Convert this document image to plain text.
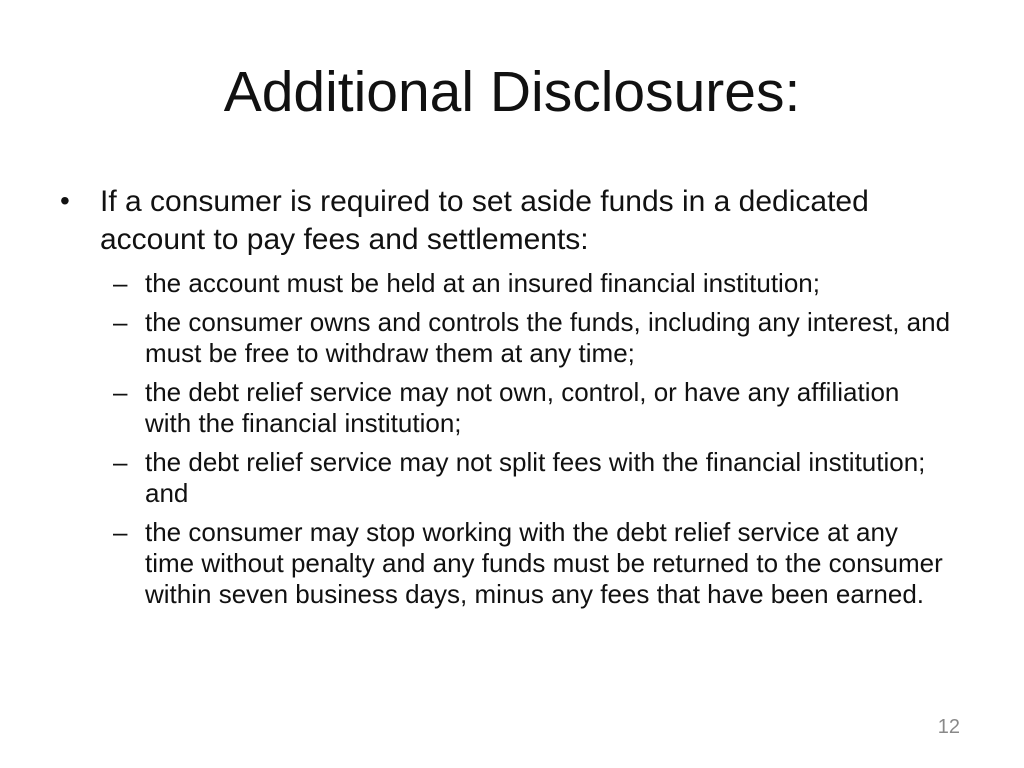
Additional Disclosures:
• If a consumer is required to set aside funds in a dedicated account to pay fees and settlements:
– the account must be held at an insured financial institution;
– the consumer owns and controls the funds, including any interest, and must be free to withdraw them at any time;
– the debt relief service may not own, control, or have any affiliation with the financial institution;
– the debt relief service may not split fees with the financial institution; and
– the consumer may stop working with the debt relief service at any time without penalty and any funds must be returned to the consumer within seven business days, minus any fees that have been earned.
12
